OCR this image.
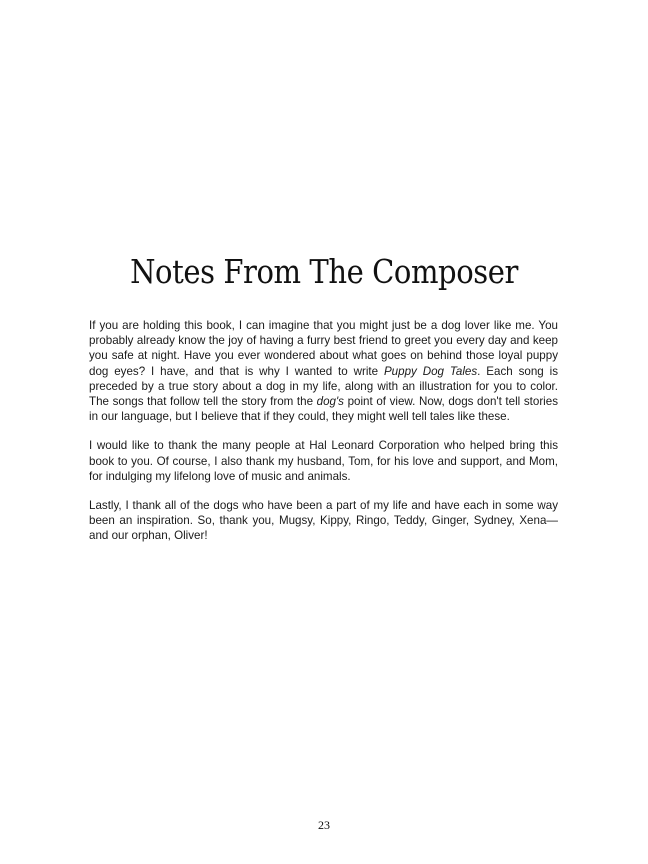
Notes From The Composer

If you are holding this book, I can imagine that you might just be a dog lover like me. You probably already know the joy of having a furry best friend to greet you every day and keep you safe at night. Have you ever wondered about what goes on behind those loyal puppy dog eyes? I have, and that is why I wanted to write Puppy Dog Tales. Each song is preceded by a true story about a dog in my life, along with an illustration for you to color. The songs that follow tell the story from the dog's point of view. Now, dogs don't tell stories in our language, but I believe that if they could, they might well tell tales like these.

I would like to thank the many people at Hal Leonard Corporation who helped bring this book to you. Of course, I also thank my husband, Tom, for his love and support, and Mom, for indulging my lifelong love of music and animals.

Lastly, I thank all of the dogs who have been a part of my life and have each in some way been an inspiration. So, thank you, Mugsy, Kippy, Ringo, Teddy, Ginger, Sydney, Xena—and our orphan, Oliver!

23
